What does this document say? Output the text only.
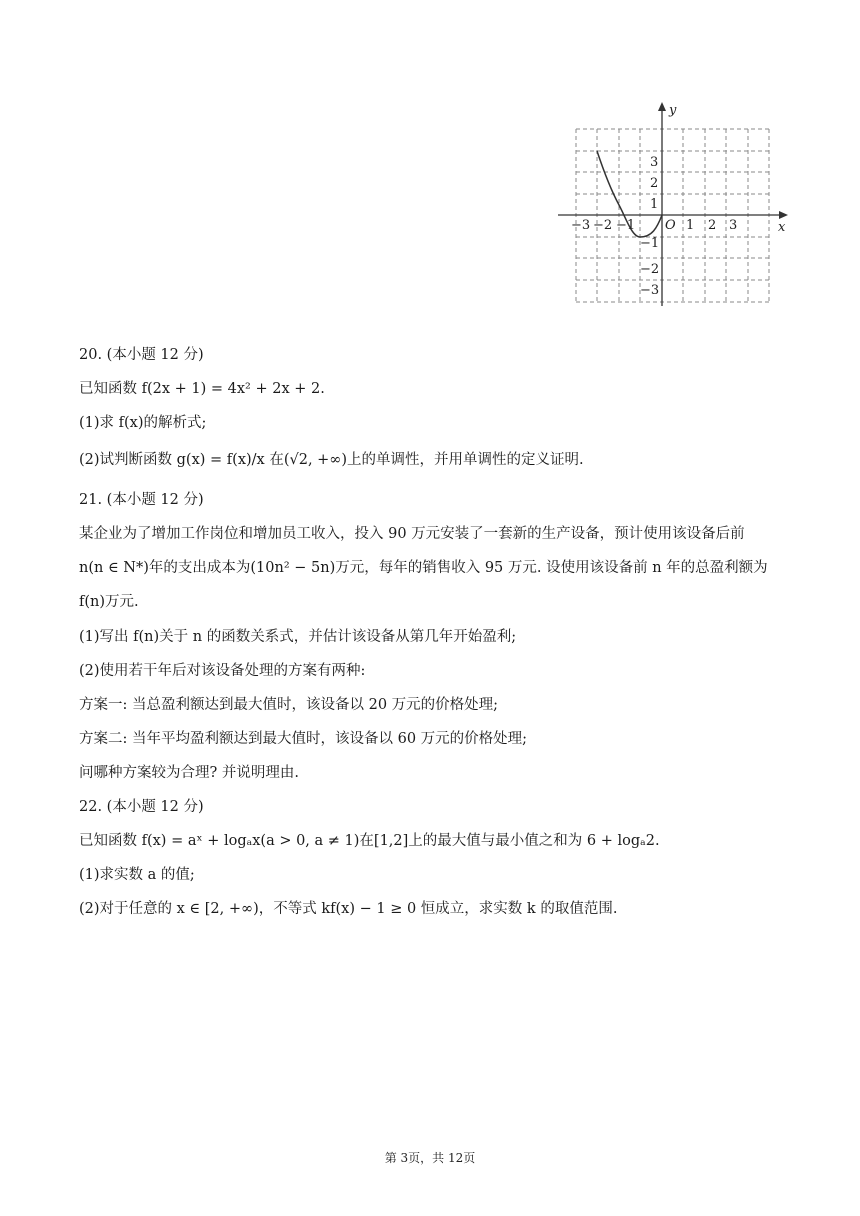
y
x
O
−3 −2 −1	1 2 3
3
2
1
−1
−2
−3
20. (本小题 12 分)
已知函数 f(2x + 1) = 4x² + 2x + 2.
(1)求 f(x)的解析式;
(2)试判断函数 g(x) = f(x)/x 在(√2, +∞)上的单调性，并用单调性的定义证明.
21. (本小题 12 分)
某企业为了增加工作岗位和增加员工收入，投入 90 万元安装了一套新的生产设备，预计使用该设备后前
n(n ∈ N*)年的支出成本为(10n² − 5n)万元，每年的销售收入 95 万元. 设使用该设备前 n 年的总盈利额为
f(n)万元.
(1)写出 f(n)关于 n 的函数关系式，并估计该设备从第几年开始盈利;
(2)使用若干年后对该设备处理的方案有两种:
方案一: 当总盈利额达到最大值时，该设备以 20 万元的价格处理;
方案二: 当年平均盈利额达到最大值时，该设备以 60 万元的价格处理;
问哪种方案较为合理? 并说明理由.
22. (本小题 12 分)
已知函数 f(x) = aˣ + logₐx(a > 0, a ≠ 1)在[1,2]上的最大值与最小值之和为 6 + logₐ2.
(1)求实数 a 的值;
(2)对于任意的 x ∈ [2, +∞)，不等式 kf(x) − 1 ≥ 0 恒成立，求实数 k 的取值范围.
第 3页，共 12页
